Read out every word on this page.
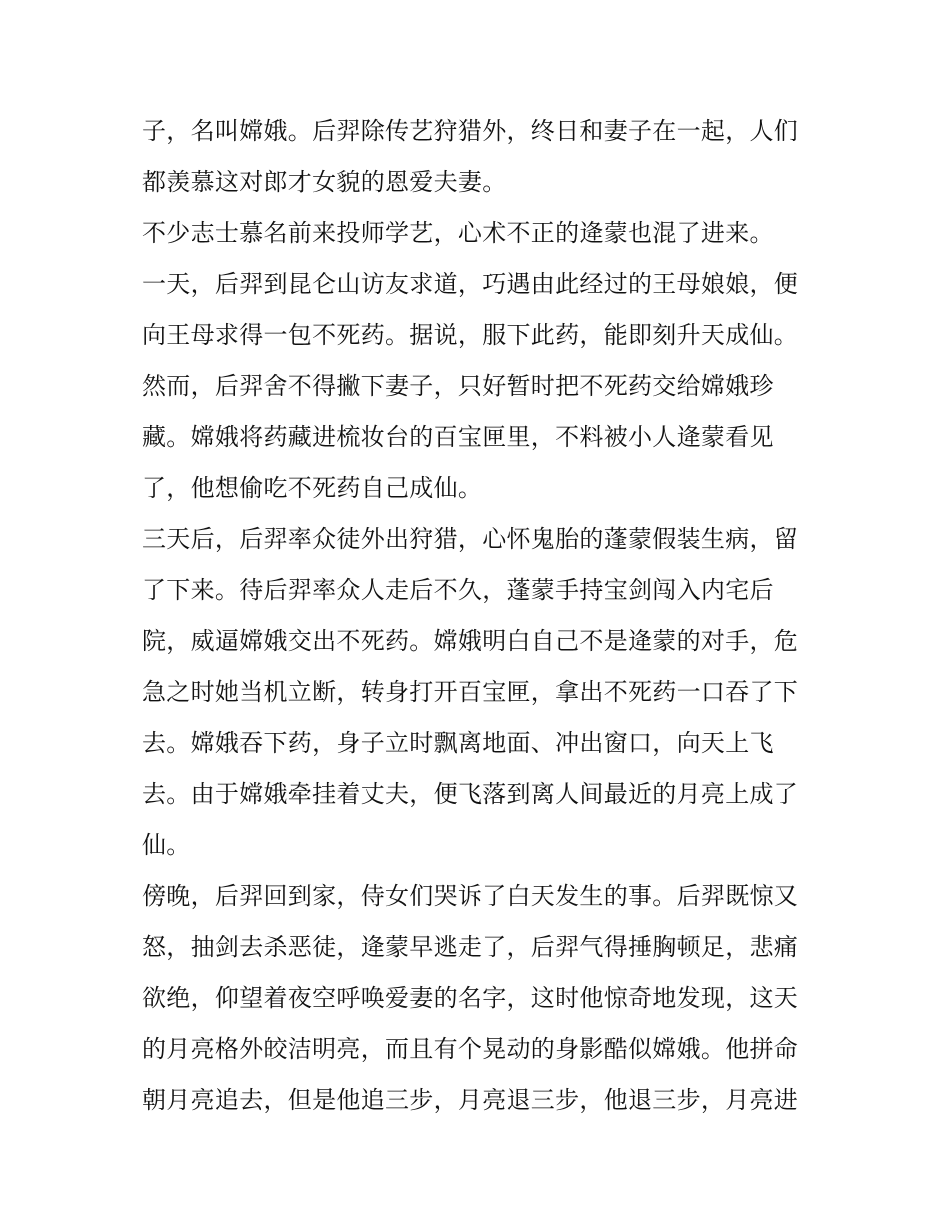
子，名叫嫦娥。后羿除传艺狩猎外，终日和妻子在一起，人们
都羡慕这对郎才女貌的恩爱夫妻。
不少志士慕名前来投师学艺，心术不正的逄蒙也混了进来。
一天，后羿到昆仑山访友求道，巧遇由此经过的王母娘娘，便
向王母求得一包不死药。据说，服下此药，能即刻升天成仙。
然而，后羿舍不得撇下妻子，只好暂时把不死药交给嫦娥珍
藏。嫦娥将药藏进梳妆台的百宝匣里，不料被小人逄蒙看见
了，他想偷吃不死药自己成仙。
三天后，后羿率众徒外出狩猎，心怀鬼胎的蓬蒙假装生病，留
了下来。待后羿率众人走后不久，蓬蒙手持宝剑闯入内宅后
院，威逼嫦娥交出不死药。嫦娥明白自己不是逄蒙的对手，危
急之时她当机立断，转身打开百宝匣，拿出不死药一口吞了下
去。嫦娥吞下药，身子立时飘离地面、冲出窗口，向天上飞
去。由于嫦娥牵挂着丈夫，便飞落到离人间最近的月亮上成了
仙。
傍晚，后羿回到家，侍女们哭诉了白天发生的事。后羿既惊又
怒，抽剑去杀恶徒，逄蒙早逃走了，后羿气得捶胸顿足，悲痛
欲绝，仰望着夜空呼唤爱妻的名字，这时他惊奇地发现，这天
的月亮格外皎洁明亮，而且有个晃动的身影酷似嫦娥。他拼命
朝月亮追去，但是他追三步，月亮退三步，他退三步，月亮进
